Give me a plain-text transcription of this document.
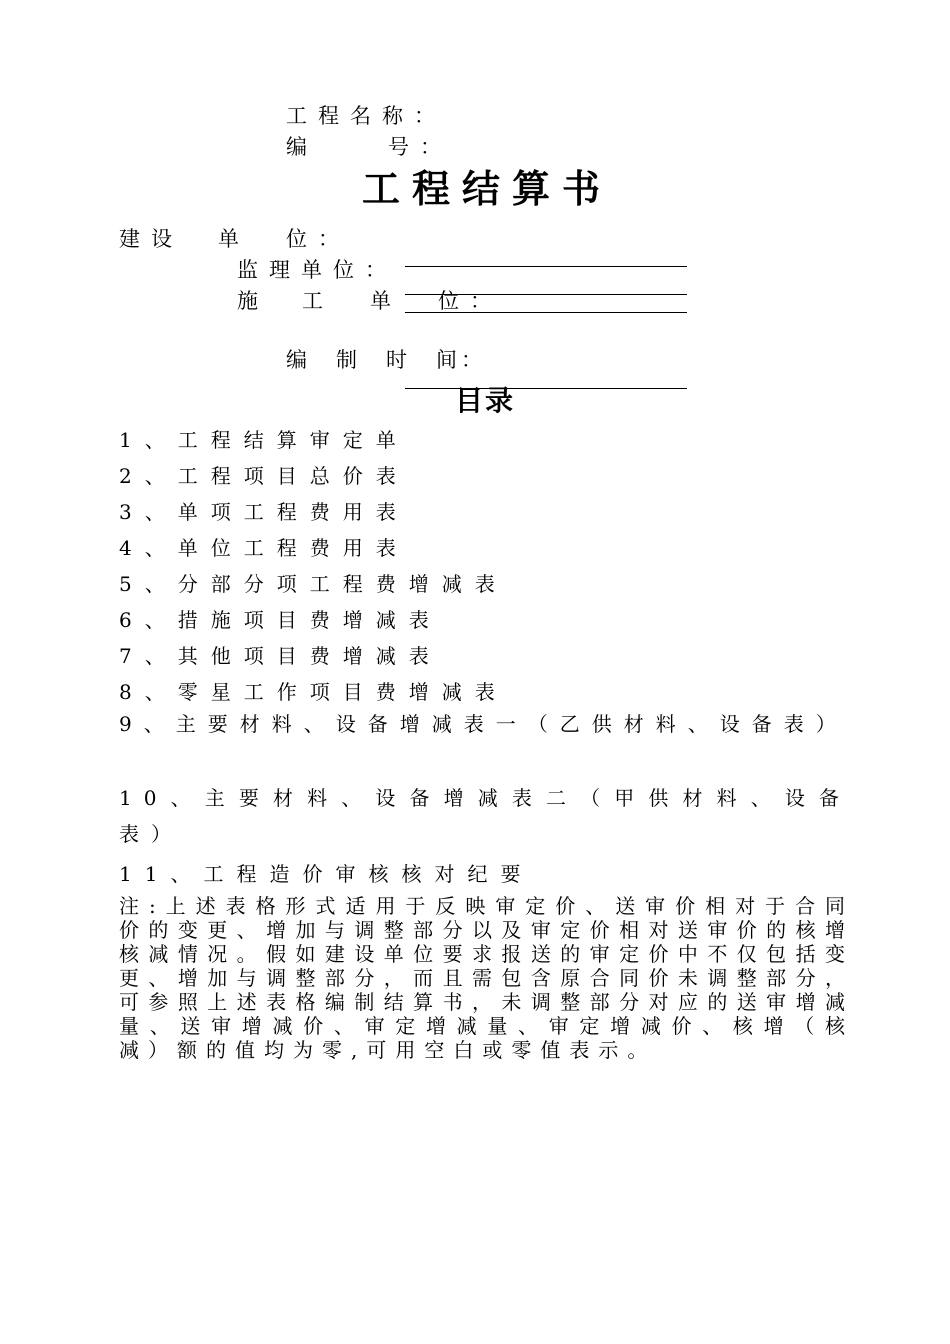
工程名称：
编	号：
工程结算书
建设 单 位：
监理单位：
施 工 单 位：
编　制　时　间：
目录
1、工程结算审定单
2、工程项目总价表
3、单项工程费用表
4、单位工程费用表
5、分部分项工程费增减表
6、措施项目费增减表
7、其他项目费增减表
8、零星工作项目费增减表
9、主要材料、设备增减表一（乙供材料、设备表）
10、主要材料、设备增减表二（甲供材料、设备表）
11、工程造价审核核对纪要
注:上述表格形式适用于反映审定价、送审价相对于合同价的变更、增加与调整部分以及审定价相对送审价的核增核减情况。假如建设单位要求报送的审定价中不仅包括变更、增加与调整部分，而且需包含原合同价未调整部分，可参照上述表格编制结算书，未调整部分对应的送审增减量、送审增减价、审定增减量、审定增减价、核增（核减）额的值均为零,可用空白或零值表示。
